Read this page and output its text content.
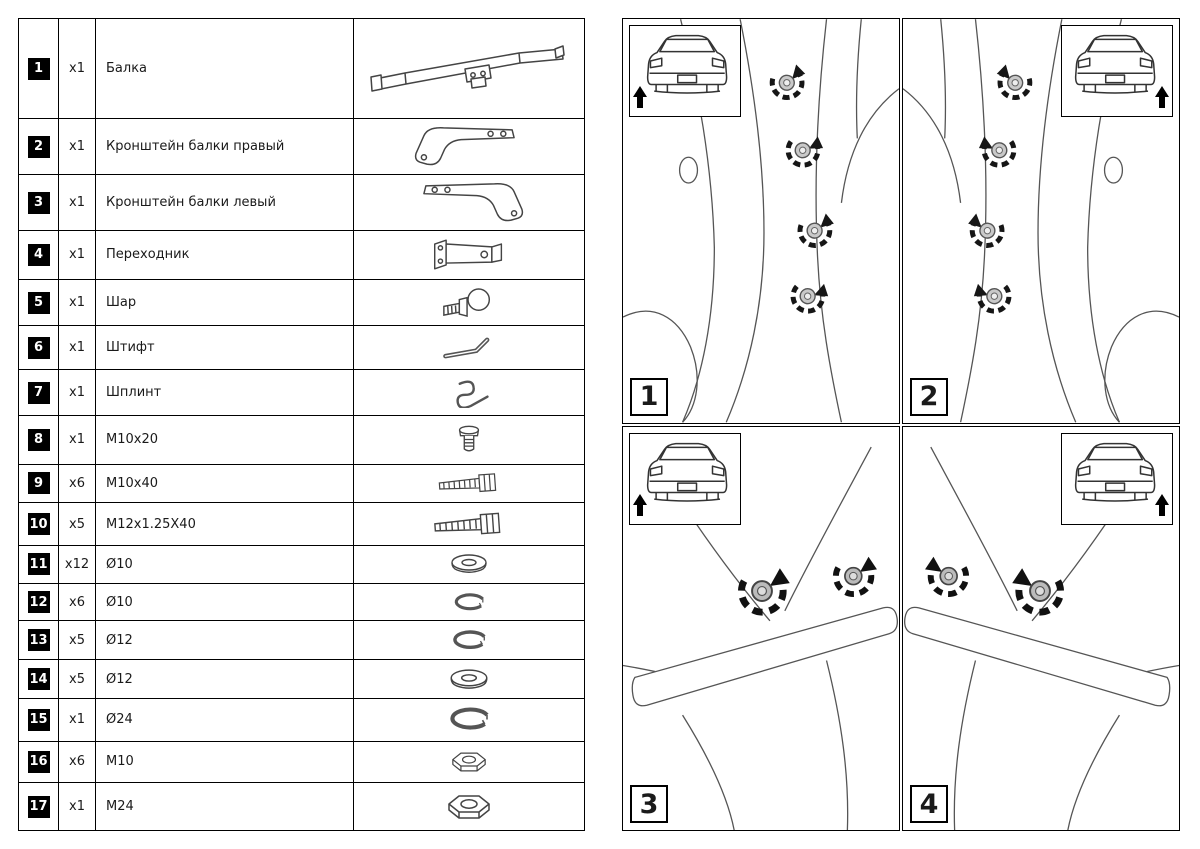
1	x1	Балка
2	x1	Кронштейн балки правый
3	x1	Кронштейн балки левый
4	x1	Переходник
5	x1	Шар
6	x1	Штифт
7	x1	Шплинт
8	x1	M10x20
9	x6	M10x40
10	x5	M12x1.25X40
11	x12	Ø10
12	x6	Ø10
13	x5	Ø12
14	x5	Ø12
15	x1	Ø24
16	x6	M10
17	x1	M24
1	2
3	4
